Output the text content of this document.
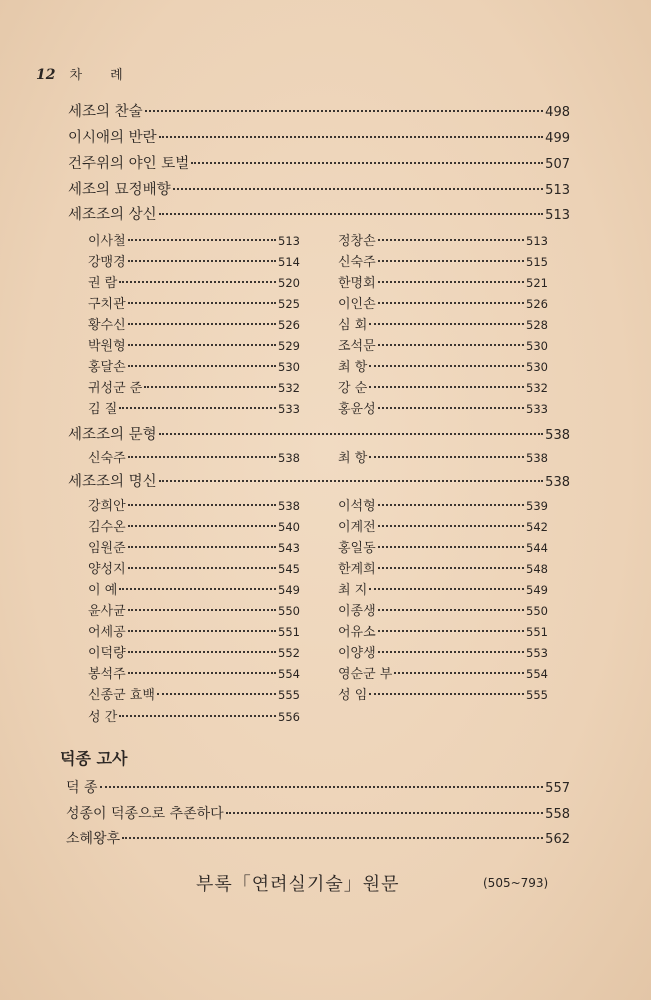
12 차 례
세조의 찬술	498
이시애의 반란	499
건주위의 야인 토벌	507
세조의 묘정배향	513
세조조의 상신	513
이사철	513	정창손	513
강맹경	514	신숙주	515
권 람	520	한명회	521
구치관	525	이인손	526
황수신	526	심 회	528
박원형	529	조석문	530
홍달손	530	최 항	530
귀성군 준	532	강 순	532
김 질	533	홍윤성	533
세조조의 문형	538
신숙주	538	최 항	538
세조조의 명신	538
강희안	538	이석형	539
김수온	540	이계전	542
임원준	543	홍일동	544
양성지	545	한계희	548
이 예	549	최 지	549
윤사균	550	이종생	550
어세공	551	어유소	551
이덕량	552	이양생	553
봉석주	554	영순군 부	554
신종군 효백	555	성 임	555
성 간	556
덕종 고사
덕 종	557
성종이 덕종으로 추존하다	558
소혜왕후	562
부록「연려실기술」원문	(505~793)
